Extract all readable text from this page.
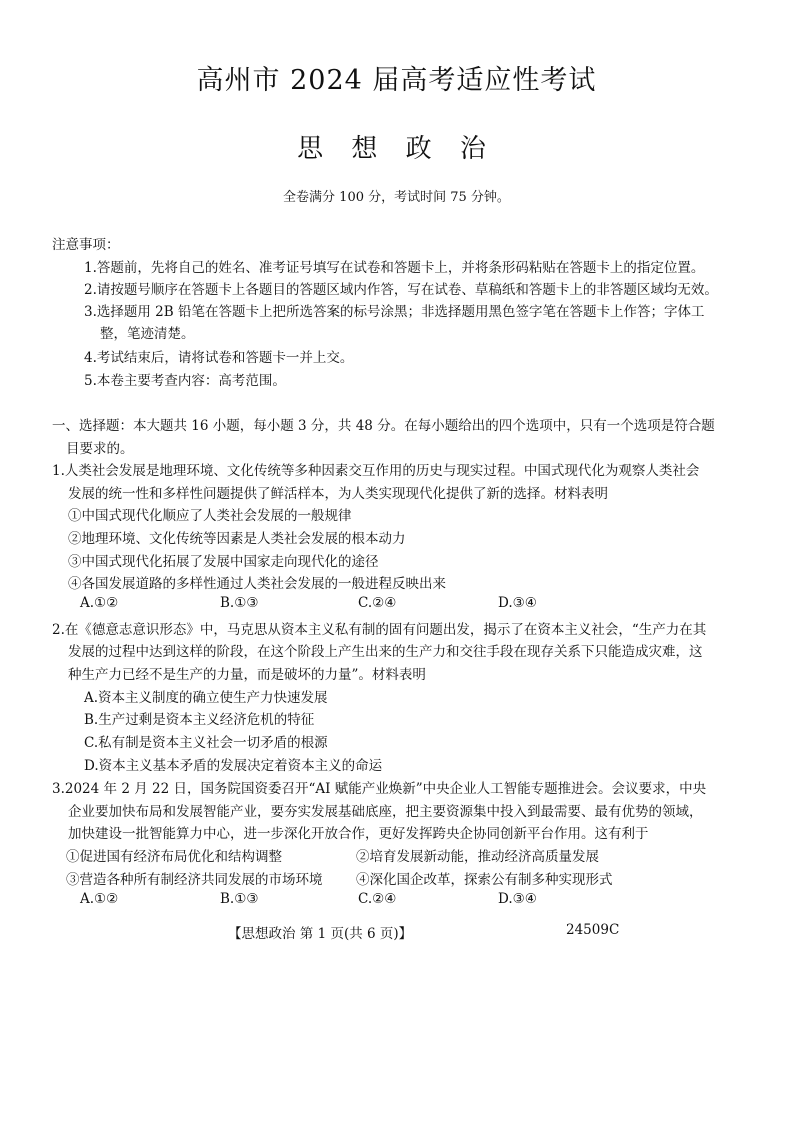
高州市 2024 届高考适应性考试
思 想 政 治
全卷满分 100 分，考试时间 75 分钟。
注意事项：
1.答题前，先将自己的姓名、准考证号填写在试卷和答题卡上，并将条形码粘贴在答题卡上的指定位置。
2.请按题号顺序在答题卡上各题目的答题区域内作答，写在试卷、草稿纸和答题卡上的非答题区域均无效。
3.选择题用 2B 铅笔在答题卡上把所选答案的标号涂黑；非选择题用黑色签字笔在答题卡上作答；字体工
整，笔迹清楚。
4.考试结束后，请将试卷和答题卡一并上交。
5.本卷主要考查内容：高考范围。
一、选择题：本大题共 16 小题，每小题 3 分，共 48 分。在每小题给出的四个选项中，只有一个选项是符合题
目要求的。
1.人类社会发展是地理环境、文化传统等多种因素交互作用的历史与现实过程。中国式现代化为观察人类社会
发展的统一性和多样性问题提供了鲜活样本，为人类实现现代化提供了新的选择。材料表明
①中国式现代化顺应了人类社会发展的一般规律
②地理环境、文化传统等因素是人类社会发展的根本动力
③中国式现代化拓展了发展中国家走向现代化的途径
④各国发展道路的多样性通过人类社会发展的一般进程反映出来
A.①②	B.①③	C.②④	D.③④
2.在《德意志意识形态》中，马克思从资本主义私有制的固有问题出发，揭示了在资本主义社会，“生产力在其
发展的过程中达到这样的阶段，在这个阶段上产生出来的生产力和交往手段在现存关系下只能造成灾难，这
种生产力已经不是生产的力量，而是破坏的力量”。材料表明
A.资本主义制度的确立使生产力快速发展
B.生产过剩是资本主义经济危机的特征
C.私有制是资本主义社会一切矛盾的根源
D.资本主义基本矛盾的发展决定着资本主义的命运
3.2024 年 2 月 22 日，国务院国资委召开“AI 赋能产业焕新”中央企业人工智能专题推进会。会议要求，中央
企业要加快布局和发展智能产业，要夯实发展基础底座，把主要资源集中投入到最需要、最有优势的领域，
加快建设一批智能算力中心，进一步深化开放合作，更好发挥跨央企协同创新平台作用。这有利于
①促进国有经济布局优化和结构调整	②培育发展新动能，推动经济高质量发展
③营造各种所有制经济共同发展的市场环境 ④深化国企改革，探索公有制多种实现形式
A.①②	B.①③	C.②④	D.③④
【思想政治 第 1 页(共 6 页)】	24509C
